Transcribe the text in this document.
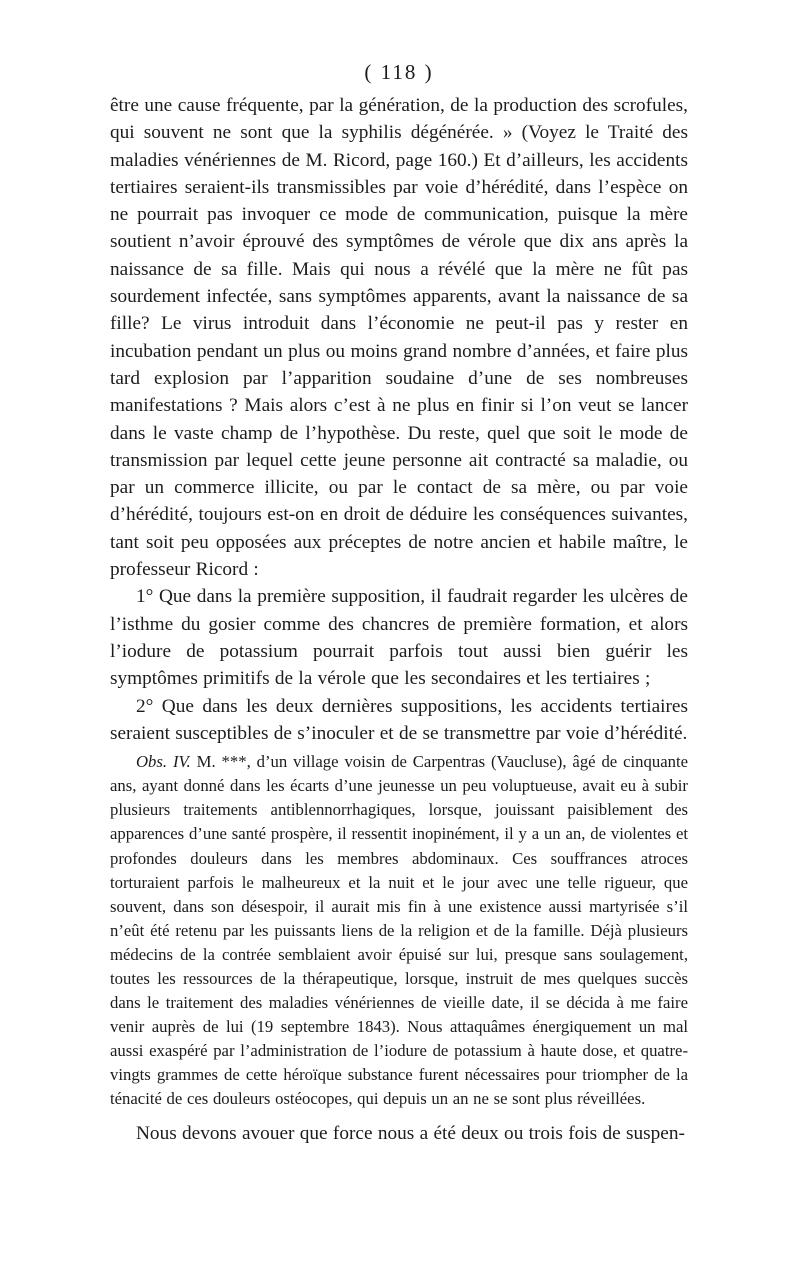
( 118 )

être une cause fréquente, par la génération, de la production des scrofules, qui souvent ne sont que la syphilis dégénérée. » (Voyez le Traité des maladies vénériennes de M. Ricord, page 160.) Et d’ailleurs, les accidents tertiaires seraient-ils transmissibles par voie d’hérédité, dans l’espèce on ne pourrait pas invoquer ce mode de communication, puisque la mère soutient n’avoir éprouvé des symptômes de vérole que dix ans après la naissance de sa fille. Mais qui nous a révélé que la mère ne fût pas sourdement infectée, sans symptômes apparents, avant la naissance de sa fille? Le virus introduit dans l’économie ne peut-il pas y rester en incubation pendant un plus ou moins grand nombre d’années, et faire plus tard explosion par l’apparition soudaine d’une de ses nombreuses manifestations ? Mais alors c’est à ne plus en finir si l’on veut se lancer dans le vaste champ de l’hypothèse. Du reste, quel que soit le mode de transmission par lequel cette jeune personne ait contracté sa maladie, ou par un commerce illicite, ou par le contact de sa mère, ou par voie d’hérédité, toujours est-on en droit de déduire les conséquences suivantes, tant soit peu opposées aux préceptes de notre ancien et habile maître, le professeur Ricord :

1° Que dans la première supposition, il faudrait regarder les ulcères de l’isthme du gosier comme des chancres de première formation, et alors l’iodure de potassium pourrait parfois tout aussi bien guérir les symptômes primitifs de la vérole que les secondaires et les tertiaires ;

2° Que dans les deux dernières suppositions, les accidents tertiaires seraient susceptibles de s’inoculer et de se transmettre par voie d’hérédité.

Obs. IV. M. ***, d’un village voisin de Carpentras (Vaucluse), âgé de cinquante ans, ayant donné dans les écarts d’une jeunesse un peu voluptueuse, avait eu à subir plusieurs traitements antiblennorrhagiques, lorsque, jouissant paisiblement des apparences d’une santé prospère, il ressentit inopinément, il y a un an, de violentes et profondes douleurs dans les membres abdominaux. Ces souffrances atroces torturaient parfois le malheureux et la nuit et le jour avec une telle rigueur, que souvent, dans son désespoir, il aurait mis fin à une existence aussi martyrisée s’il n’eût été retenu par les puissants liens de la religion et de la famille. Déjà plusieurs médecins de la contrée semblaient avoir épuisé sur lui, presque sans soulagement, toutes les ressources de la thérapeutique, lorsque, instruit de mes quelques succès dans le traitement des maladies vénériennes de vieille date, il se décida à me faire venir auprès de lui (19 septembre 1843). Nous attaquâmes énergiquement un mal aussi exaspéré par l’administration de l’iodure de potassium à haute dose, et quatre-vingts grammes de cette héroïque substance furent nécessaires pour triompher de la ténacité de ces douleurs ostéocopes, qui depuis un an ne se sont plus réveillées.

Nous devons avouer que force nous a été deux ou trois fois de suspen-
